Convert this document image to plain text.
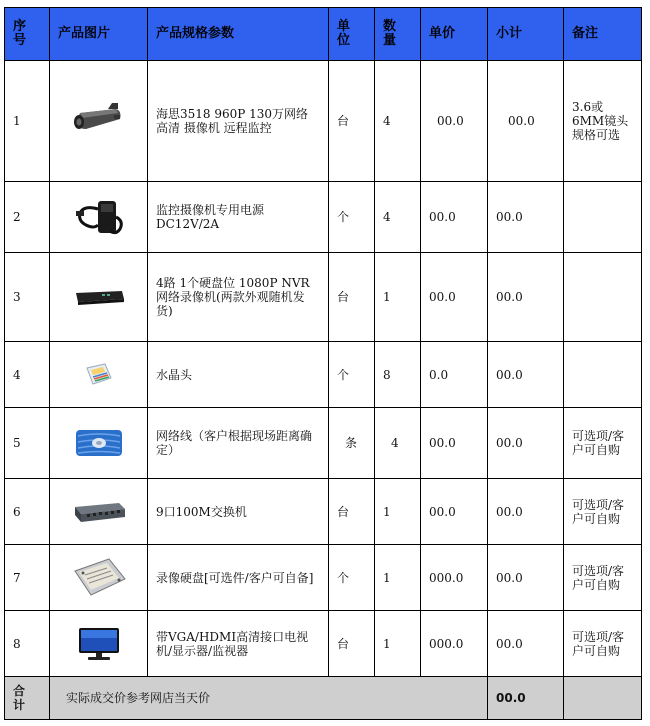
序号	产品图片	产品规格参数	单位	数量	单价	小计	备注
1		海思3518 960P 130万网络高清 摄像机 远程监控	台	4	00.0	00.0	3.6或6MM镜头规格可选
2		监控摄像机专用电源DC12V/2A	个	4	00.0	00.0	
3		4路 1个硬盘位 1080P NVR网络录像机(两款外观随机发货)	台	1	00.0	00.0	
4		水晶头	个	8	0.0	00.0	
5		网络线（客户根据现场距离确定）	条	4	00.0	00.0	可选项/客户可自购
6		9口100M交换机	台	1	00.0	00.0	可选项/客户可自购
7		录像硬盘[可选件/客户可自备]	个	1	000.0	00.0	可选项/客户可自购
8		带VGA/HDMI高清接口电视机/显示器/监视器	台	1	000.0	00.0	可选项/客户可自购
合计	实际成交价参考网店当天价					00.0	
